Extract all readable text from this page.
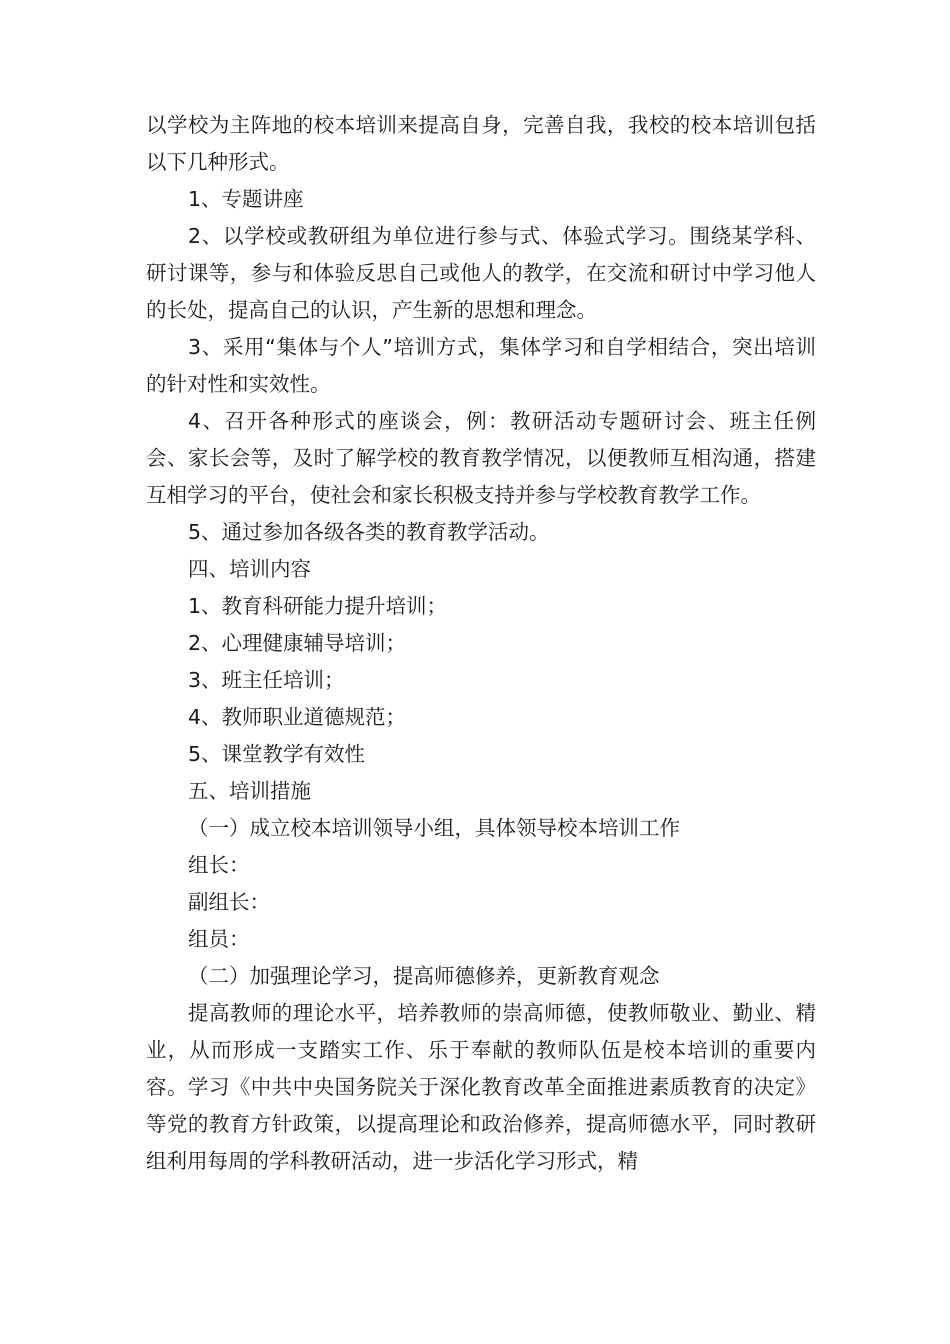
以学校为主阵地的校本培训来提高自身，完善自我，我校的校本培训包括以下几种形式。

1、专题讲座

2、以学校或教研组为单位进行参与式、体验式学习。围绕某学科、研讨课等，参与和体验反思自己或他人的教学，在交流和研讨中学习他人的长处，提高自己的认识，产生新的思想和理念。

3、采用“集体与个人”培训方式，集体学习和自学相结合，突出培训的针对性和实效性。

4、召开各种形式的座谈会，例：教研活动专题研讨会、班主任例会、家长会等，及时了解学校的教育教学情况，以便教师互相沟通，搭建互相学习的平台，使社会和家长积极支持并参与学校教育教学工作。

5、通过参加各级各类的教育教学活动。

四、培训内容

1、教育科研能力提升培训；

2、心理健康辅导培训；

3、班主任培训；

4、教师职业道德规范；

5、课堂教学有效性

五、培训措施

（一）成立校本培训领导小组，具体领导校本培训工作

组长：

副组长：

组员：

（二）加强理论学习，提高师德修养，更新教育观念

提高教师的理论水平，培养教师的崇高师德，使教师敬业、勤业、精业，从而形成一支踏实工作、乐于奉献的教师队伍是校本培训的重要内容。学习《中共中央国务院关于深化教育改革全面推进素质教育的决定》等党的教育方针政策，以提高理论和政治修养，提高师德水平，同时教研组利用每周的学科教研活动，进一步活化学习形式，精
